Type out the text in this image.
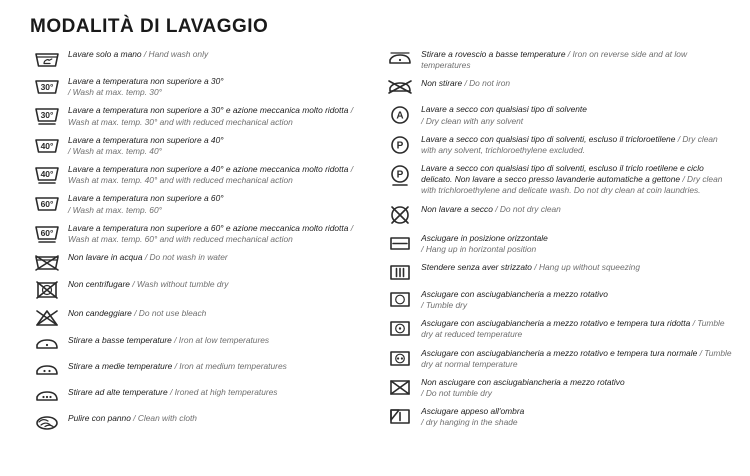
MODALITÀ DI LAVAGGIO
Lavare solo a mano / Hand wash only
30°
Lavare a temperatura non superiore a 30°
/ Wash at max. temp. 30°
30° Lavare a temperatura non superiore a 30° e azione meccanica molto ridotta / Wash at max. temp. 30° and with reduced mechanical action
40°
Lavare a temperatura non superiore a 40°
/ Wash at max. temp. 40°
40° Lavare a temperatura non superiore a 40° e azione meccanica molto ridotta / Wash at max. temp. 40° and with reduced mechanical action
60°
Lavare a temperatura non superiore a 60°
/ Wash at max. temp. 60°
60° Lavare a temperatura non superiore a 60° e azione meccanica molto ridotta / Wash at max. temp. 60° and with reduced mechanical action
Non lavare in acqua / Do not wash in water
Non centrifugare / Wash without tumble dry
Non candeggiare / Do not use bleach
Stirare a basse temperature / Iron at low temperatures
Stirare a medie temperature / Iron at medium temperatures
Stirare ad alte temperature / Ironed at high temperatures
Pulire con panno / Clean with cloth
Stirare a rovescio a basse temperature / Iron on reverse side and at low temperatures
Non stirare / Do not iron
A
Lavare a secco con qualsiasi tipo di solvente
/ Dry clean with any solvent
P
Lavare a secco con qualsiasi tipo di solventi, escluso il tricloroetilene / Dry clean with any solvent, trichloroethylene excluded.
P
Lavare a secco con qualsiasi tipo di solventi, escluso il triclo roetilene e ciclo delicato. Non lavare a secco presso lavanderie automatiche a gettone / Dry clean with trichloroethylene and delicate wash. Do not dry clean at coin laundries.
Non lavare a secco / Do not dry clean
Asciugare in posizione orizzontale
/ Hang up in horizontal position
Stendere senza aver strizzato / Hang up without squeezing
Asciugare con asciugabiancheria a mezzo rotativo
/ Tumble dry
Asciugare con asciugabiancheria a mezzo rotativo e tempera tura ridotta / Tumble dry at reduced temperature
Asciugare con asciugabiancheria a mezzo rotativo e tempera tura normale / Tumble dry at normal temperature
Non asciugare con asciugabiancheria a mezzo rotativo
/ Do not tumble dry
Asciugare appeso all'ombra
/ dry hanging in the shade
